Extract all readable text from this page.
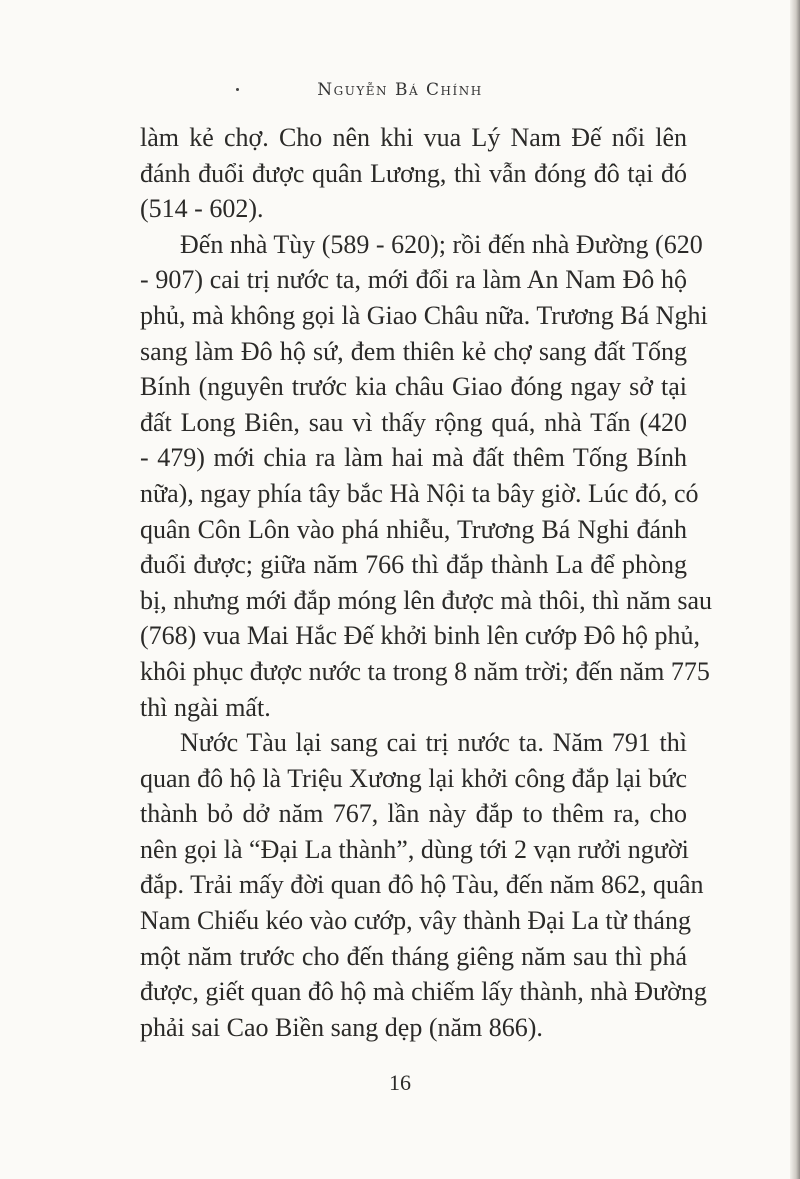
Nguyễn Bá Chính
làm kẻ chợ. Cho nên khi vua Lý Nam Đế nổi lên
đánh đuổi được quân Lương, thì vẫn đóng đô tại đó
(514 - 602).
Đến nhà Tùy (589 - 620); rồi đến nhà Đường (620
- 907) cai trị nước ta, mới đổi ra làm An Nam Đô hộ
phủ, mà không gọi là Giao Châu nữa. Trương Bá Nghi
sang làm Đô hộ sứ, đem thiên kẻ chợ sang đất Tống
Bính (nguyên trước kia châu Giao đóng ngay sở tại
đất Long Biên, sau vì thấy rộng quá, nhà Tấn (420
- 479) mới chia ra làm hai mà đất thêm Tống Bính
nữa), ngay phía tây bắc Hà Nội ta bây giờ. Lúc đó, có
quân Côn Lôn vào phá nhiễu, Trương Bá Nghi đánh
đuổi được; giữa năm 766 thì đắp thành La để phòng
bị, nhưng mới đắp móng lên được mà thôi, thì năm sau
(768) vua Mai Hắc Đế khởi binh lên cướp Đô hộ phủ,
khôi phục được nước ta trong 8 năm trời; đến năm 775
thì ngài mất.
Nước Tàu lại sang cai trị nước ta. Năm 791 thì
quan đô hộ là Triệu Xương lại khởi công đắp lại bức
thành bỏ dở năm 767, lần này đắp to thêm ra, cho
nên gọi là “Đại La thành”, dùng tới 2 vạn rưởi người
đắp. Trải mấy đời quan đô hộ Tàu, đến năm 862, quân
Nam Chiếu kéo vào cướp, vây thành Đại La từ tháng
một năm trước cho đến tháng giêng năm sau thì phá
được, giết quan đô hộ mà chiếm lấy thành, nhà Đường
phải sai Cao Biền sang dẹp (năm 866).
16
